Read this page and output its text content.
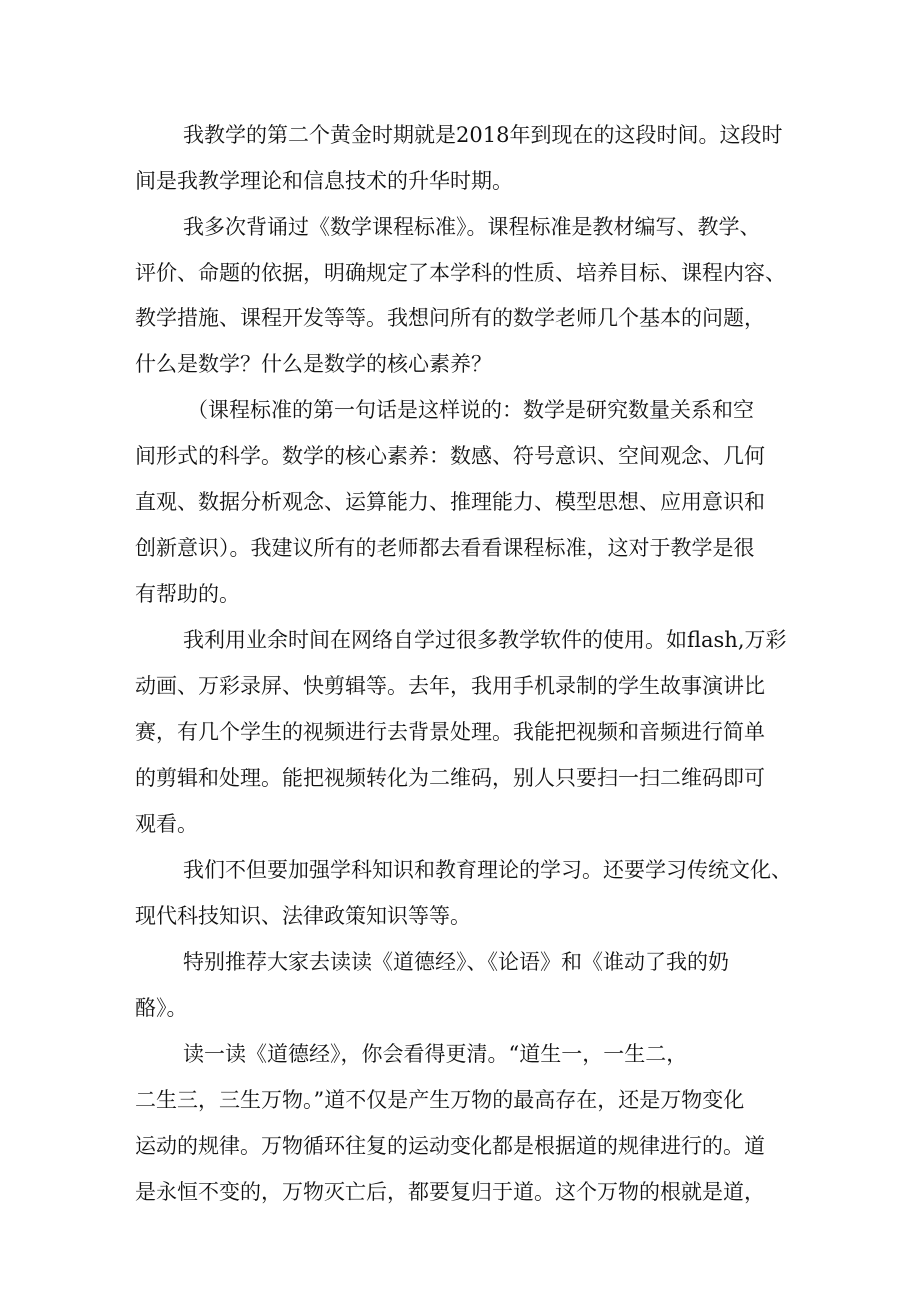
我教学的第二个黄金时期就是2018年到现在的这段时间。这段时
间是我教学理论和信息技术的升华时期。
我多次背诵过《数学课程标准》。课程标准是教材编写、教学、
评价、命题的依据，明确规定了本学科的性质、培养目标、课程内容、
教学措施、课程开发等等。我想问所有的数学老师几个基本的问题，
什么是数学？什么是数学的核心素养？
（课程标准的第一句话是这样说的：数学是研究数量关系和空
间形式的科学。数学的核心素养：数感、符号意识、空间观念、几何
直观、数据分析观念、运算能力、推理能力、模型思想、应用意识和
创新意识）。我建议所有的老师都去看看课程标准，这对于教学是很
有帮助的。
我利用业余时间在网络自学过很多教学软件的使用。如flash,万彩
动画、万彩录屏、快剪辑等。去年，我用手机录制的学生故事演讲比
赛，有几个学生的视频进行去背景处理。我能把视频和音频进行简单
的剪辑和处理。能把视频转化为二维码，别人只要扫一扫二维码即可
观看。
我们不但要加强学科知识和教育理论的学习。还要学习传统文化、
现代科技知识、法律政策知识等等。
特别推荐大家去读读《道德经》、《论语》和《谁动了我的奶
酪》。
读一读《道德经》，你会看得更清。“道生一，一生二，
二生三，三生万物。”道不仅是产生万物的最高存在，还是万物变化
运动的规律。万物循环往复的运动变化都是根据道的规律进行的。道
是永恒不变的，万物灭亡后，都要复归于道。这个万物的根就是道，
